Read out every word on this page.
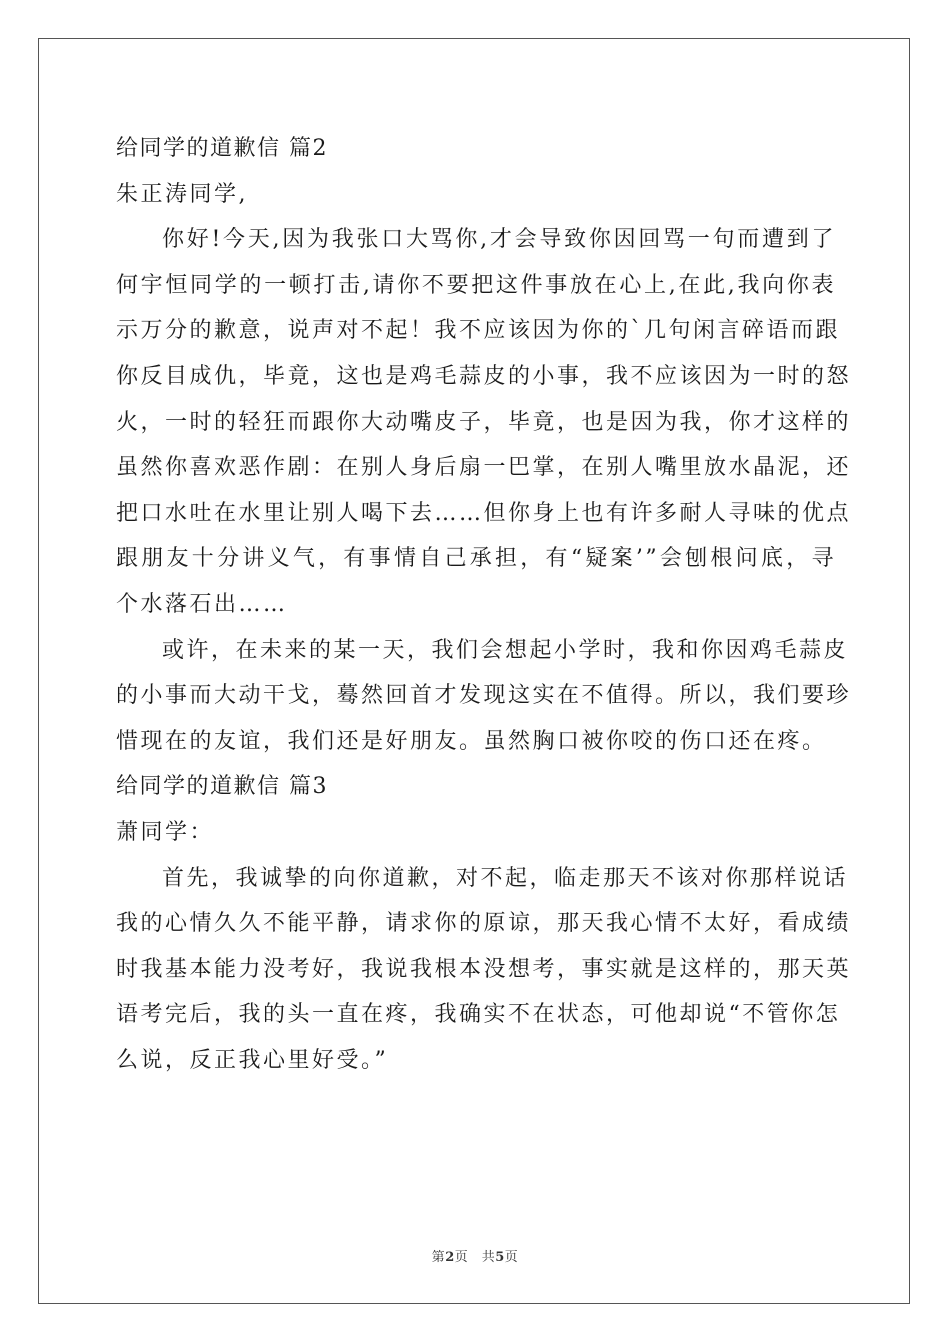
给同学的道歉信 篇2
朱正涛同学,
你好!今天,因为我张口大骂你,才会导致你因回骂一句而遭到了
何宇恒同学的一顿打击,请你不要把这件事放在心上,在此,我向你表
示万分的歉意，说声对不起！我不应该因为你的`几句闲言碎语而跟
你反目成仇，毕竟，这也是鸡毛蒜皮的小事，我不应该因为一时的怒
火，一时的轻狂而跟你大动嘴皮子，毕竟，也是因为我，你才这样的
虽然你喜欢恶作剧：在别人身后扇一巴掌，在别人嘴里放水晶泥，还
把口水吐在水里让别人喝下去……但你身上也有许多耐人寻味的优点
跟朋友十分讲义气，有事情自己承担，有“疑案’”会刨根问底，寻
个水落石出……
或许，在未来的某一天，我们会想起小学时，我和你因鸡毛蒜皮
的小事而大动干戈，蓦然回首才发现这实在不值得。所以，我们要珍
惜现在的友谊，我们还是好朋友。虽然胸口被你咬的伤口还在疼。
给同学的道歉信 篇3
萧同学：
首先，我诚挚的向你道歉，对不起，临走那天不该对你那样说话
我的心情久久不能平静，请求你的原谅，那天我心情不太好，看成绩
时我基本能力没考好，我说我根本没想考，事实就是这样的，那天英
语考完后，我的头一直在疼，我确实不在状态，可他却说“不管你怎
么说，反正我心里好受。”
第2页　共5页
